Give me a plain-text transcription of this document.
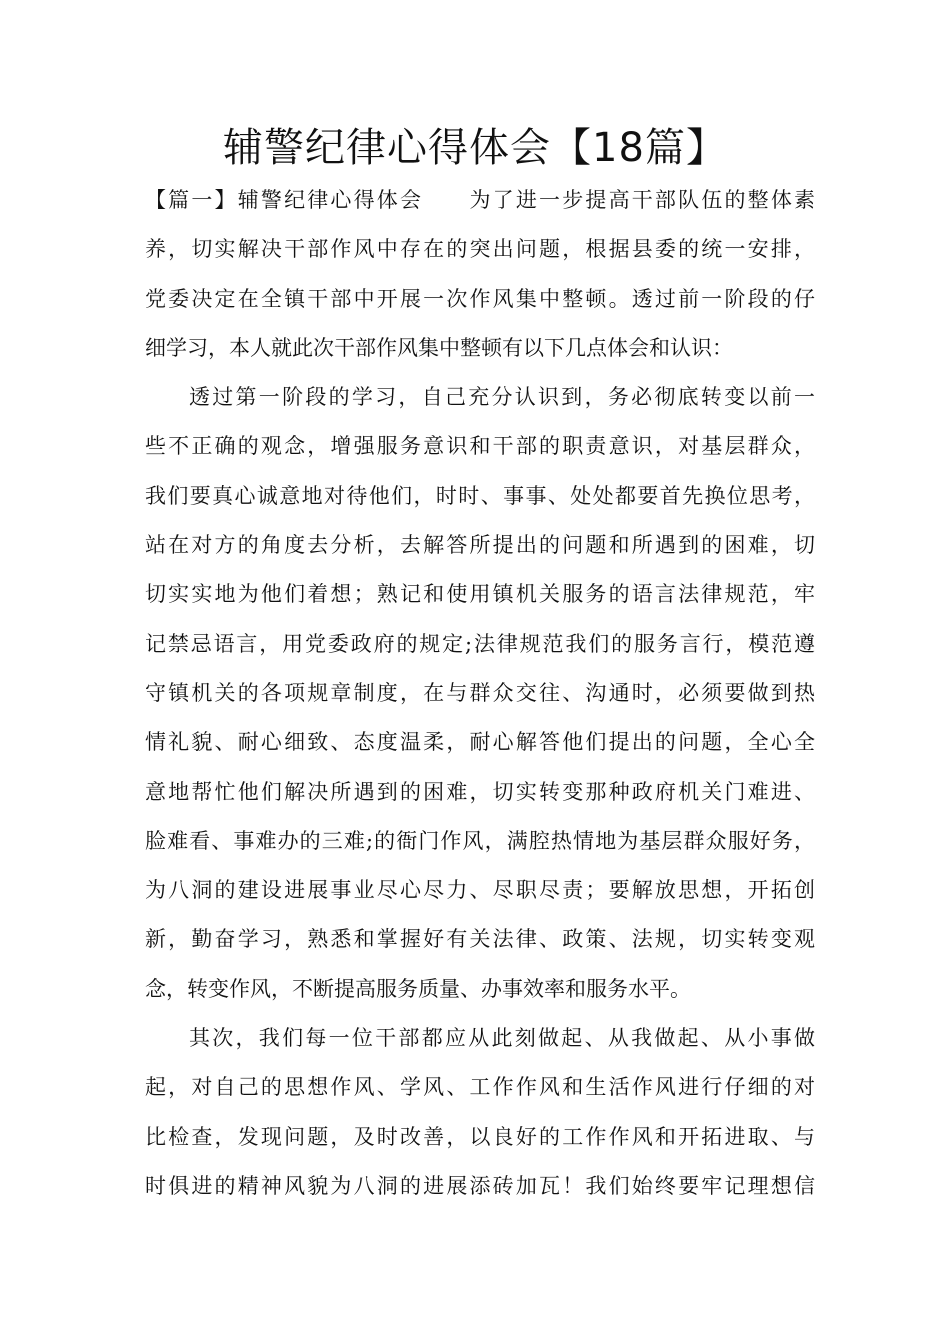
辅警纪律心得体会【18篇】
【篇一】辅警纪律心得体会　　为了进一步提高干部队伍的整体素
养，切实解决干部作风中存在的突出问题，根据县委的统一安排，
党委决定在全镇干部中开展一次作风集中整顿。透过前一阶段的仔
细学习，本人就此次干部作风集中整顿有以下几点体会和认识：
透过第一阶段的学习，自己充分认识到，务必彻底转变以前一
些不正确的观念，增强服务意识和干部的职责意识，对基层群众，
我们要真心诚意地对待他们，时时、事事、处处都要首先换位思考，
站在对方的角度去分析，去解答所提出的问题和所遇到的困难，切
切实实地为他们着想；熟记和使用镇机关服务的语言法律规范，牢
记禁忌语言，用党委政府的规定;法律规范我们的服务言行，模范遵
守镇机关的各项规章制度，在与群众交往、沟通时，必须要做到热
情礼貌、耐心细致、态度温柔，耐心解答他们提出的问题，全心全
意地帮忙他们解决所遇到的困难，切实转变那种政府机关门难进、
脸难看、事难办的三难;的衙门作风，满腔热情地为基层群众服好务，
为八洞的建设进展事业尽心尽力、尽职尽责；要解放思想，开拓创
新，勤奋学习，熟悉和掌握好有关法律、政策、法规，切实转变观
念，转变作风，不断提高服务质量、办事效率和服务水平。
其次，我们每一位干部都应从此刻做起、从我做起、从小事做
起，对自己的思想作风、学风、工作作风和生活作风进行仔细的对
比检查，发现问题，及时改善，以良好的工作作风和开拓进取、与
时俱进的精神风貌为八洞的进展添砖加瓦！我们始终要牢记理想信
